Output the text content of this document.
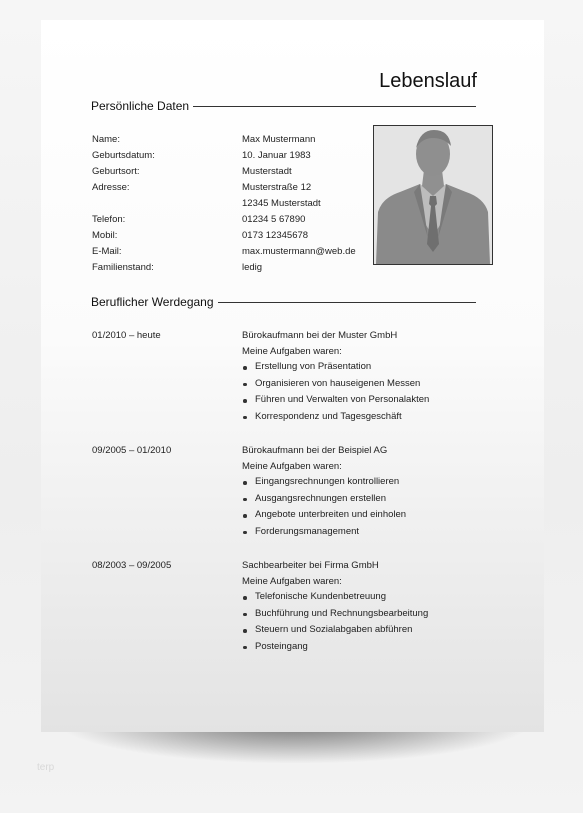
terp
Lebenslauf
Persönliche Daten
Name:	Max Mustermann
Geburtsdatum:	10. Januar 1983
Geburtsort:	Musterstadt
Adresse:	Musterstraße 12
12345 Musterstadt
Telefon:	01234 5 67890
Mobil:	0173 12345678
E-Mail:	max.mustermann@web.de
Familienstand:	ledig
Beruflicher Werdegang
01/2010 – heute	Bürokaufmann bei der Muster GmbH
Meine Aufgaben waren:
Erstellung von Präsentation
Organisieren von hauseigenen Messen
Führen und Verwalten von Personalakten
Korrespondenz und Tagesgeschäft
09/2005 – 01/2010	Bürokaufmann bei der Beispiel AG
Meine Aufgaben waren:
Eingangsrechnungen kontrollieren
Ausgangsrechnungen erstellen
Angebote unterbreiten und einholen
Forderungsmanagement
08/2003 – 09/2005	Sachbearbeiter bei Firma GmbH
Meine Aufgaben waren:
Telefonische Kundenbetreuung
Buchführung und Rechnungsbearbeitung
Steuern und Sozialabgaben abführen
Posteingang
